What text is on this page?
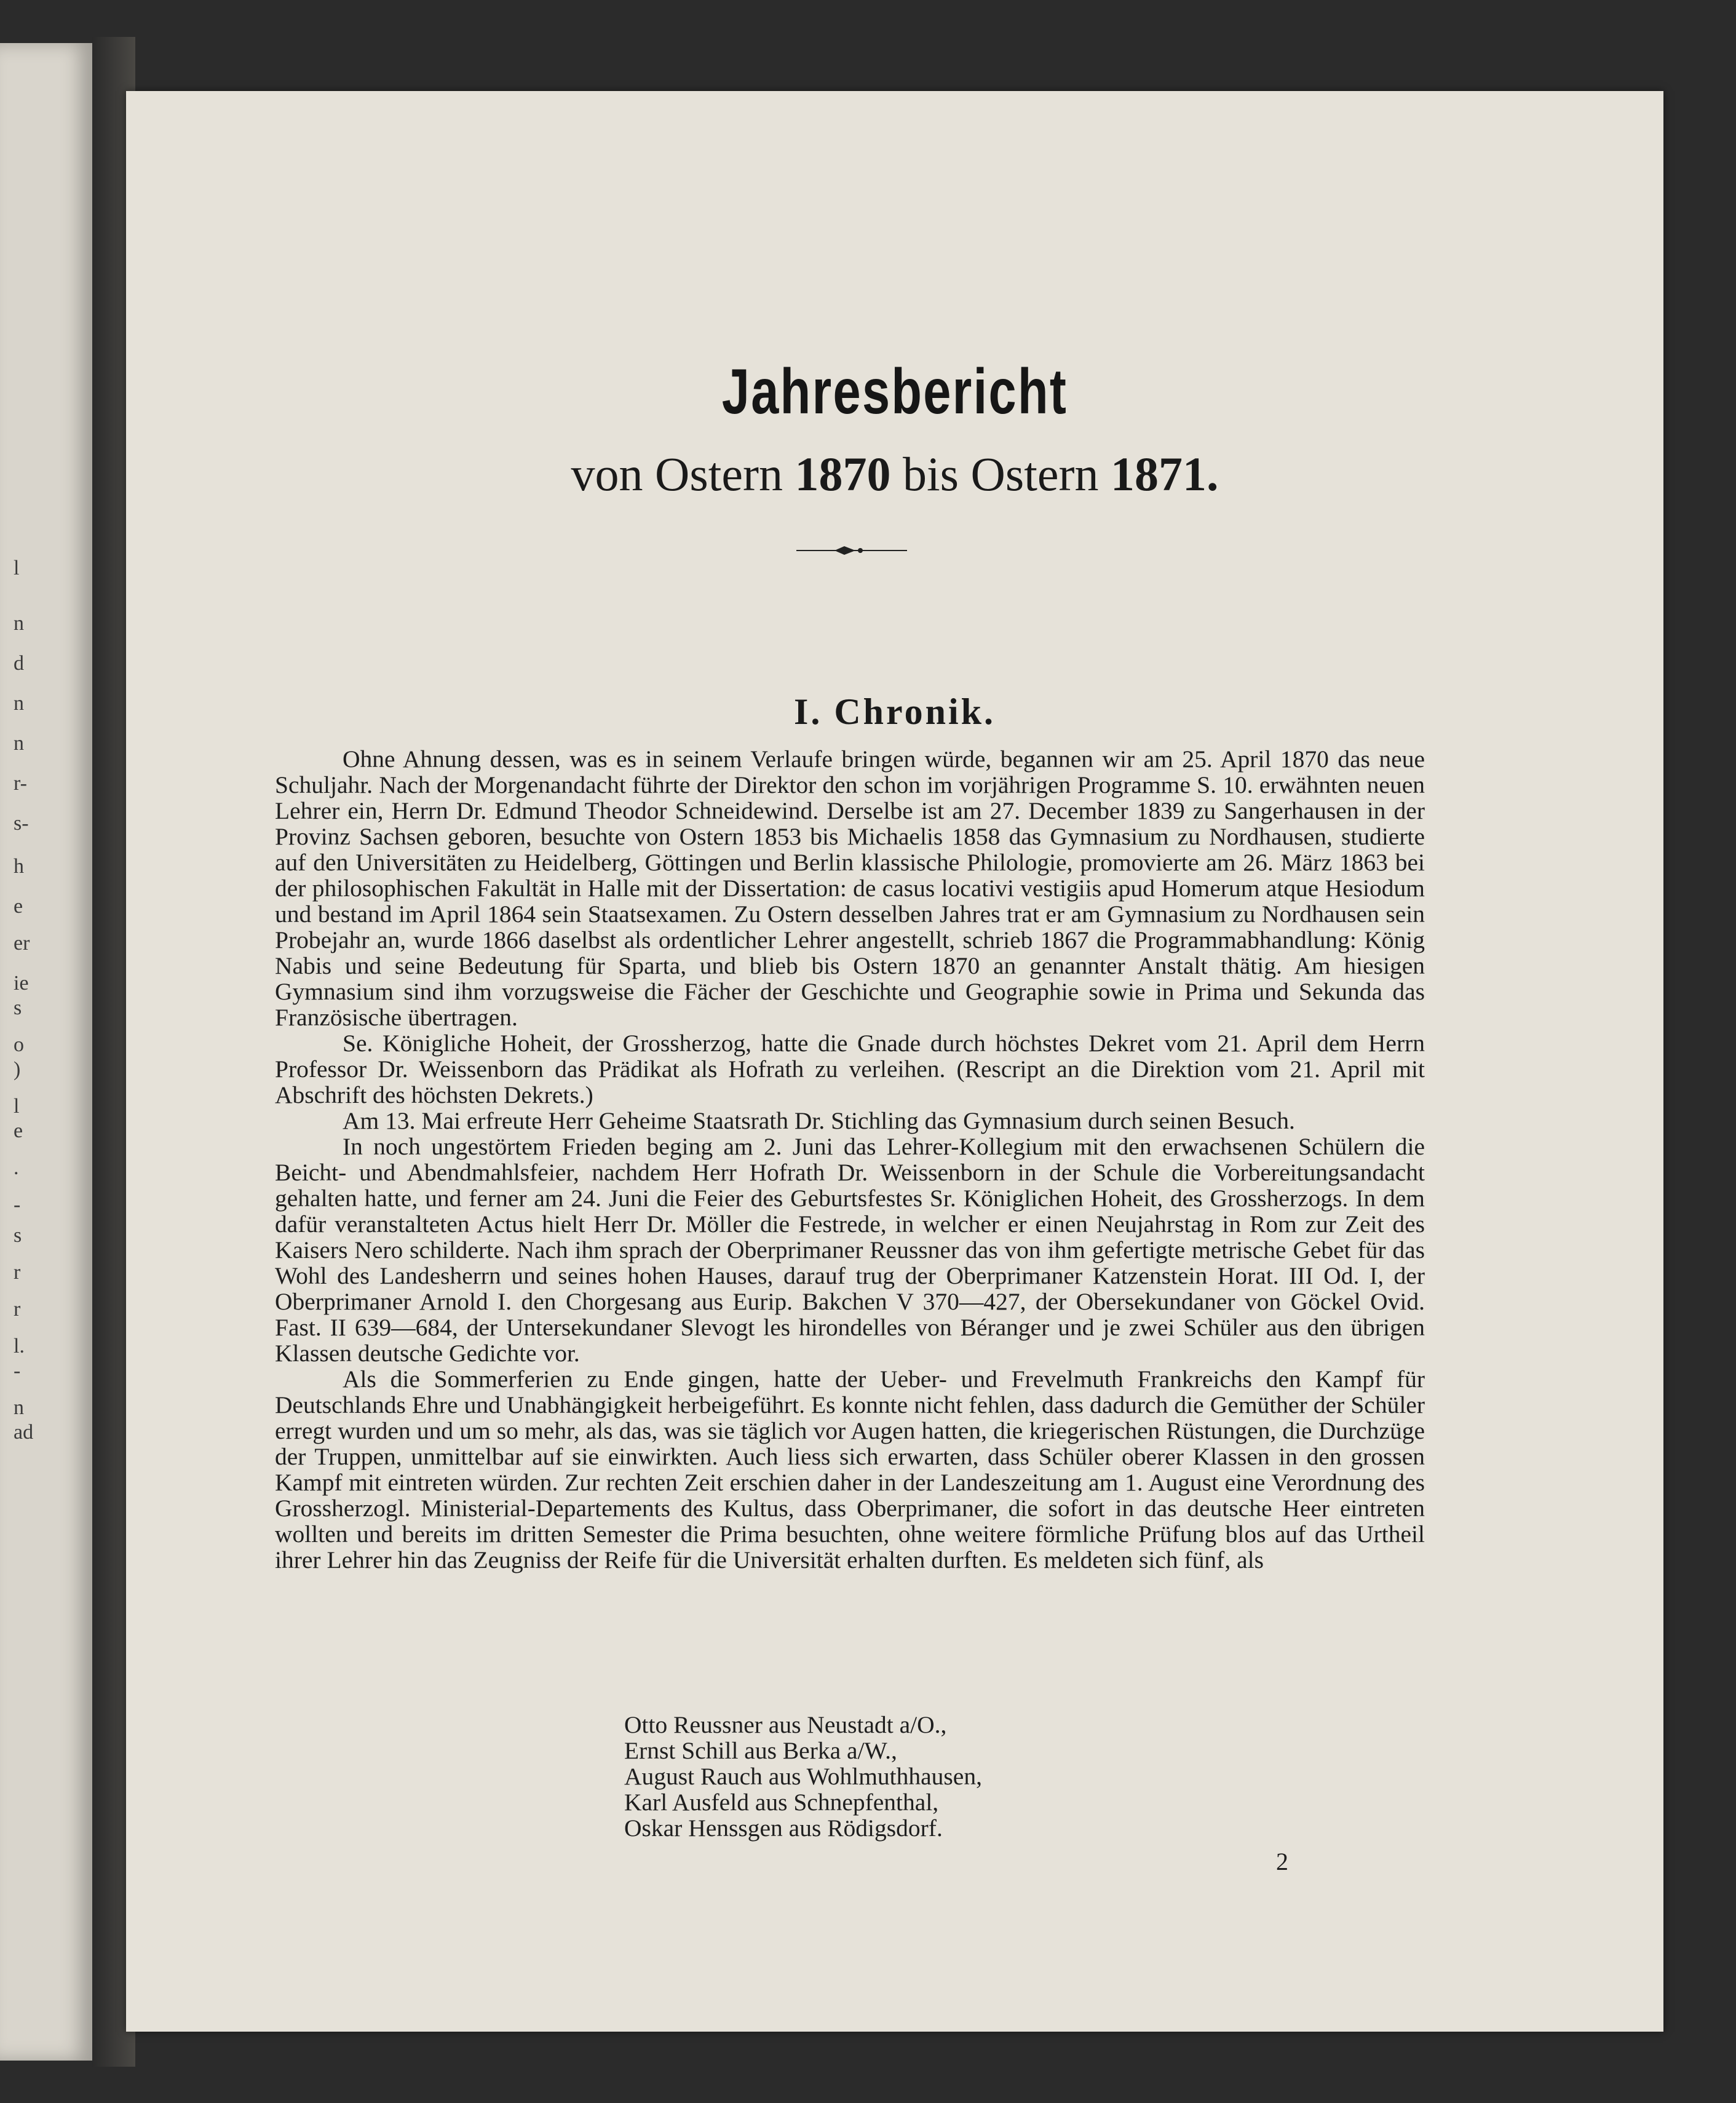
l
n
d
n
n
r-
s-
h
e
er
ie
s
o
)
l
e
.
-
s
r
r
l.
-
n
ad
Jahresbericht
von Ostern 1870 bis Ostern 1871.
I. Chronik.

Ohne Ahnung dessen, was es in seinem Verlaufe bringen würde, begannen wir am 25. April 1870 das neue Schuljahr. Nach der Morgenandacht führte der Direktor den schon im vorjährigen Programme S. 10. erwähnten neuen Lehrer ein, Herrn Dr. Edmund Theodor Schneidewind. Derselbe ist am 27. December 1839 zu Sangerhausen in der Provinz Sachsen geboren, besuchte von Ostern 1853 bis Michaelis 1858 das Gymnasium zu Nordhausen, studierte auf den Universitäten zu Heidelberg, Göttingen und Berlin klassische Philologie, promovierte am 26. März 1863 bei der philosophischen Fakultät in Halle mit der Dissertation: de casus locativi vestigiis apud Homerum atque Hesiodum und bestand im April 1864 sein Staatsexamen. Zu Ostern desselben Jahres trat er am Gymnasium zu Nordhausen sein Probejahr an, wurde 1866 daselbst als ordentlicher Lehrer angestellt, schrieb 1867 die Programmabhandlung: König Nabis und seine Bedeutung für Sparta, und blieb bis Ostern 1870 an genannter Anstalt thätig. Am hiesigen Gymnasium sind ihm vorzugsweise die Fächer der Geschichte und Geographie sowie in Prima und Sekunda das Französische übertragen.

Se. Königliche Hoheit, der Grossherzog, hatte die Gnade durch höchstes Dekret vom 21. April dem Herrn Professor Dr. Weissenborn das Prädikat als Hofrath zu verleihen. (Rescript an die Direktion vom 21. April mit Abschrift des höchsten Dekrets.)

Am 13. Mai erfreute Herr Geheime Staatsrath Dr. Stichling das Gymnasium durch seinen Besuch.

In noch ungestörtem Frieden beging am 2. Juni das Lehrer-Kollegium mit den erwachsenen Schülern die Beicht- und Abendmahlsfeier, nachdem Herr Hofrath Dr. Weissenborn in der Schule die Vorbereitungsandacht gehalten hatte, und ferner am 24. Juni die Feier des Geburtsfestes Sr. Königlichen Hoheit, des Grossherzogs. In dem dafür veranstalteten Actus hielt Herr Dr. Möller die Festrede, in welcher er einen Neujahrstag in Rom zur Zeit des Kaisers Nero schilderte. Nach ihm sprach der Oberprimaner Reussner das von ihm gefertigte metrische Gebet für das Wohl des Landesherrn und seines hohen Hauses, darauf trug der Oberprimaner Katzenstein Horat. III Od. I, der Oberprimaner Arnold I. den Chorgesang aus Eurip. Bakchen V 370—427, der Obersekundaner von Göckel Ovid. Fast. II 639—684, der Untersekundaner Slevogt les hirondelles von Béranger und je zwei Schüler aus den übrigen Klassen deutsche Gedichte vor.

Als die Sommerferien zu Ende gingen, hatte der Ueber- und Frevelmuth Frankreichs den Kampf für Deutschlands Ehre und Unabhängigkeit herbeigeführt. Es konnte nicht fehlen, dass dadurch die Gemüther der Schüler erregt wurden und um so mehr, als das, was sie täglich vor Augen hatten, die kriegerischen Rüstungen, die Durchzüge der Truppen, unmittelbar auf sie einwirkten. Auch liess sich erwarten, dass Schüler oberer Klassen in den grossen Kampf mit eintreten würden. Zur rechten Zeit erschien daher in der Landeszeitung am 1. August eine Verordnung des Grossherzogl. Ministerial-Departements des Kultus, dass Oberprimaner, die sofort in das deutsche Heer eintreten wollten und bereits im dritten Semester die Prima besuchten, ohne weitere förmliche Prüfung blos auf das Urtheil ihrer Lehrer hin das Zeugniss der Reife für die Universität erhalten durften. Es meldeten sich fünf, als

Otto Reussner aus Neustadt a/O.,
Ernst Schill aus Berka a/W.,
August Rauch aus Wohlmuthhausen,
Karl Ausfeld aus Schnepfenthal,
Oskar Henssgen aus Rödigsdorf.
2
